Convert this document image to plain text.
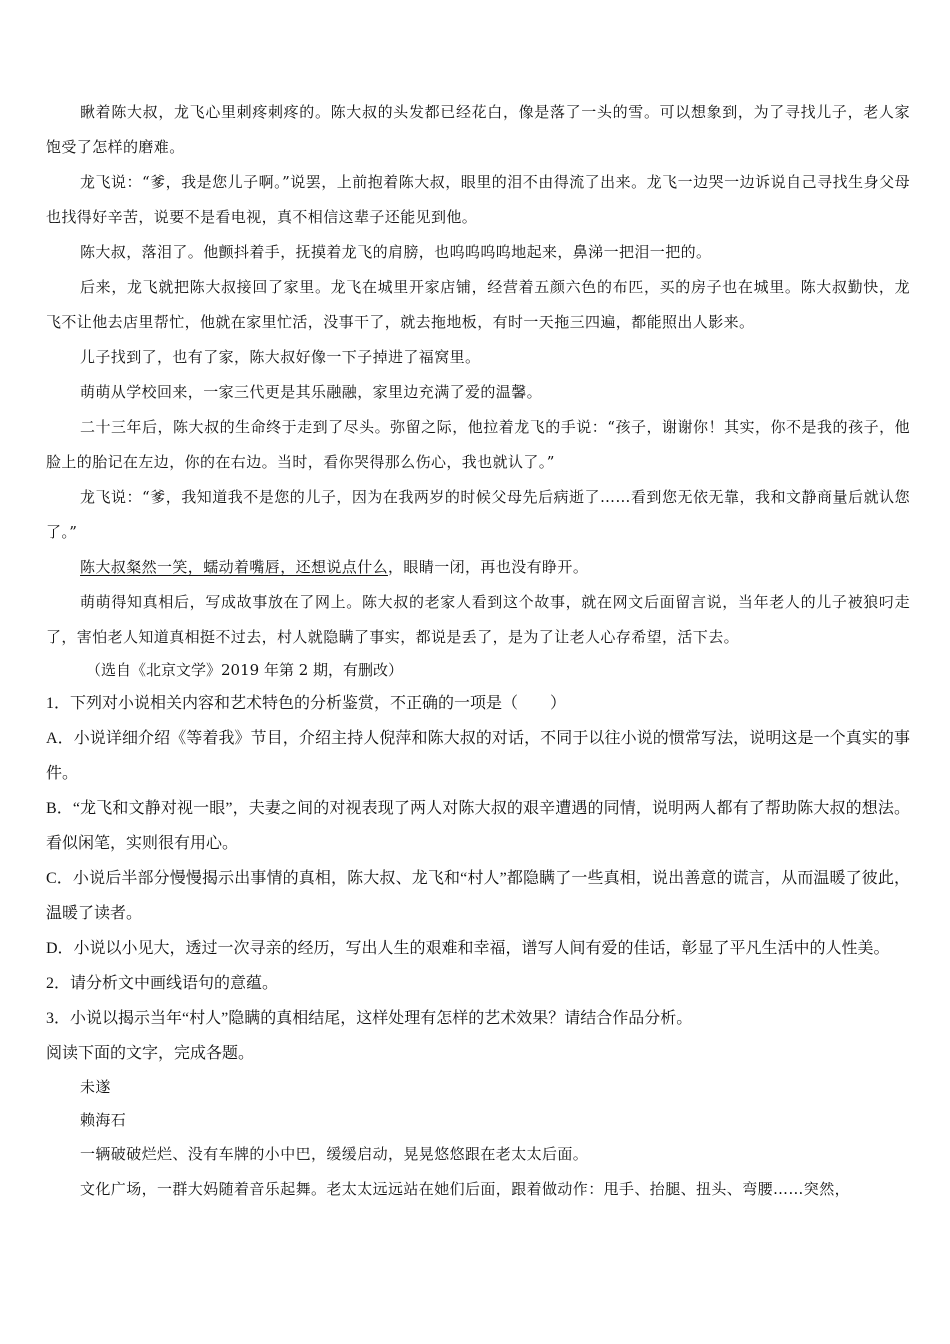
瞅着陈大叔，龙飞心里刺疼刺疼的。陈大叔的头发都已经花白，像是落了一头的雪。可以想象到，为了寻找儿子，老人家饱受了怎样的磨难。

龙飞说：“爹，我是您儿子啊。”说罢，上前抱着陈大叔，眼里的泪不由得流了出来。龙飞一边哭一边诉说自己寻找生身父母也找得好辛苦，说要不是看电视，真不相信这辈子还能见到他。

陈大叔，落泪了。他颤抖着手，抚摸着龙飞的肩膀，也呜呜呜呜地起来，鼻涕一把泪一把的。

后来，龙飞就把陈大叔接回了家里。龙飞在城里开家店铺，经营着五颜六色的布匹，买的房子也在城里。陈大叔勤快，龙飞不让他去店里帮忙，他就在家里忙活，没事干了，就去拖地板，有时一天拖三四遍，都能照出人影来。

儿子找到了，也有了家，陈大叔好像一下子掉进了福窝里。

萌萌从学校回来，一家三代更是其乐融融，家里边充满了爱的温馨。

二十三年后，陈大叔的生命终于走到了尽头。弥留之际，他拉着龙飞的手说：“孩子，谢谢你！其实，你不是我的孩子，他脸上的胎记在左边，你的在右边。当时，看你哭得那么伤心，我也就认了。”

龙飞说：“爹，我知道我不是您的儿子，因为在我两岁的时候父母先后病逝了……看到您无依无靠，我和文静商量后就认您了。”

陈大叔粲然一笑，蠕动着嘴唇，还想说点什么，眼睛一闭，再也没有睁开。

萌萌得知真相后，写成故事放在了网上。陈大叔的老家人看到这个故事，就在网文后面留言说，当年老人的儿子被狼叼走了，害怕老人知道真相挺不过去，村人就隐瞒了事实，都说是丢了，是为了让老人心存希望，活下去。

（选自《北京文学》2019 年第 2 期，有删改）

1．下列对小说相关内容和艺术特色的分析鉴赏，不正确的一项是（　　）

A．小说详细介绍《等着我》节目，介绍主持人倪萍和陈大叔的对话，不同于以往小说的惯常写法，说明这是一个真实的事件。

B．“龙飞和文静对视一眼”，夫妻之间的对视表现了两人对陈大叔的艰辛遭遇的同情，说明两人都有了帮助陈大叔的想法。看似闲笔，实则很有用心。

C．小说后半部分慢慢揭示出事情的真相，陈大叔、龙飞和“村人”都隐瞒了一些真相，说出善意的谎言，从而温暖了彼此，温暖了读者。

D．小说以小见大，透过一次寻亲的经历，写出人生的艰难和幸福，谱写人间有爱的佳话，彰显了平凡生活中的人性美。

2．请分析文中画线语句的意蕴。

3．小说以揭示当年“村人”隐瞒的真相结尾，这样处理有怎样的艺术效果？请结合作品分析。

阅读下面的文字，完成各题。

未遂

赖海石

一辆破破烂烂、没有车牌的小中巴，缓缓启动，晃晃悠悠跟在老太太后面。

文化广场，一群大妈随着音乐起舞。老太太远远站在她们后面，跟着做动作：甩手、抬腿、扭头、弯腰……突然，
